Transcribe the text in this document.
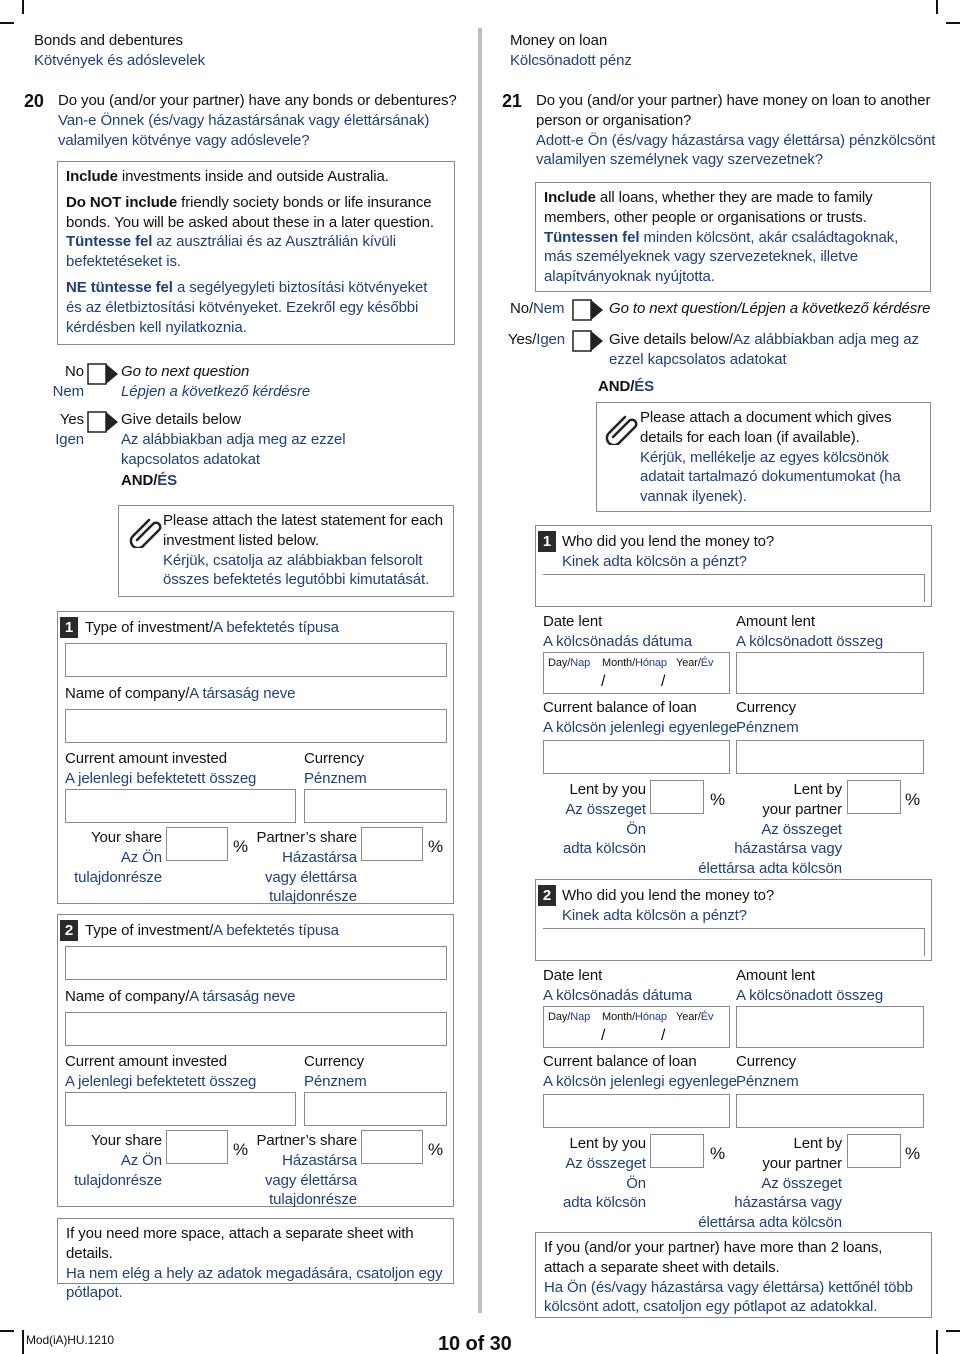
Bonds and debentures
Kötvények és adóslevelek
20 Do you (and/or your partner) have any bonds or debentures?
Van-e Önnek (és/vagy házastársának vagy élettársának) valamilyen kötvénye vagy adóslevele?
Include investments inside and outside Australia.
Do NOT include friendly society bonds or life insurance bonds. You will be asked about these in a later question.
Tüntesse fel az ausztráliai és az Ausztrálián kívüli befektetéseket is.
NE tüntesse fel a segélyegyleti biztosítási kötvényeket és az életbiztosítási kötvényeket. Ezekről egy későbbi kérdésben kell nyilatkoznia.
No
Nem
Go to next question
Lépjen a következő kérdésre
Yes
Igen
Give details below
Az alábbiakban adja meg az ezzel kapcsolatos adatokat
AND/ÉS
Please attach the latest statement for each investment listed below.
Kérjük, csatolja az alábbiakban felsorolt összes befektetés legutóbbi kimutatását.
1 Type of investment/A befektetés típusa
Name of company/A társaság neve
Current amount invested
A jelenlegi befektetett összeg
Currency
Pénznem
Your share
Az Ön
tulajdonrésze
% Partner’s share
Házastársa
vagy élettársa
tulajdonrésze
%
2 Type of investment/A befektetés típusa
Name of company/A társaság neve
Current amount invested
A jelenlegi befektetett összeg
Currency
Pénznem
Your share
Az Ön
tulajdonrésze
% Partner’s share
Házastársa
vagy élettársa
tulajdonrésze
%
If you need more space, attach a separate sheet with details.
Ha nem elég a hely az adatok megadására, csatoljon egy pótlapot.
Money on loan
Kölcsönadott pénz
21 Do you (and/or your partner) have money on loan to another person or organisation?
Adott-e Ön (és/vagy házastársa vagy élettársa) pénzkölcsönt valamilyen személynek vagy szervezetnek?
Include all loans, whether they are made to family members, other people or organisations or trusts.
Tüntessen fel minden kölcsönt, akár családtagoknak, más személyeknek vagy szervezeteknek, illetve alapítványoknak nyújtotta.
No/Nem	Go to next question/Lépjen a következő kérdésre
Yes/Igen	Give details below/Az alábbiakban adja meg az ezzel kapcsolatos adatokat
AND/ÉS
Please attach a document which gives details for each loan (if available).
Kérjük, mellékelje az egyes kölcsönök adatait tartalmazó dokumentumokat (ha vannak ilyenek).
1 Who did you lend the money to?
Kinek adta kölcsön a pénzt?
Date lent
A kölcsönadás dátuma
Amount lent
A kölcsönadott összeg
Day/Nap Month/Hónap Year/Év
/	/
Current balance of loan
A kölcsön jelenlegi egyenlege
Currency
Pénznem
Lent by you
Az összeget Ön
adta kölcsön
%
Lent by
your partner
Az összeget
házastársa vagy
élettársa adta kölcsön
%
2 Who did you lend the money to?
Kinek adta kölcsön a pénzt?
Date lent
A kölcsönadás dátuma
Amount lent
A kölcsönadott összeg
Day/Nap Month/Hónap Year/Év
/	/
Current balance of loan
A kölcsön jelenlegi egyenlege
Currency
Pénznem
Lent by you
Az összeget Ön
adta kölcsön
%
Lent by
your partner
Az összeget
házastársa vagy
élettársa adta kölcsön
%
If you (and/or your partner) have more than 2 loans, attach a separate sheet with details.
Ha Ön (és/vagy házastársa vagy élettársa) kettőnél több kölcsönt adott, csatoljon egy pótlapot az adatokkal.
Mod(iA)HU.1210	10 of 30
